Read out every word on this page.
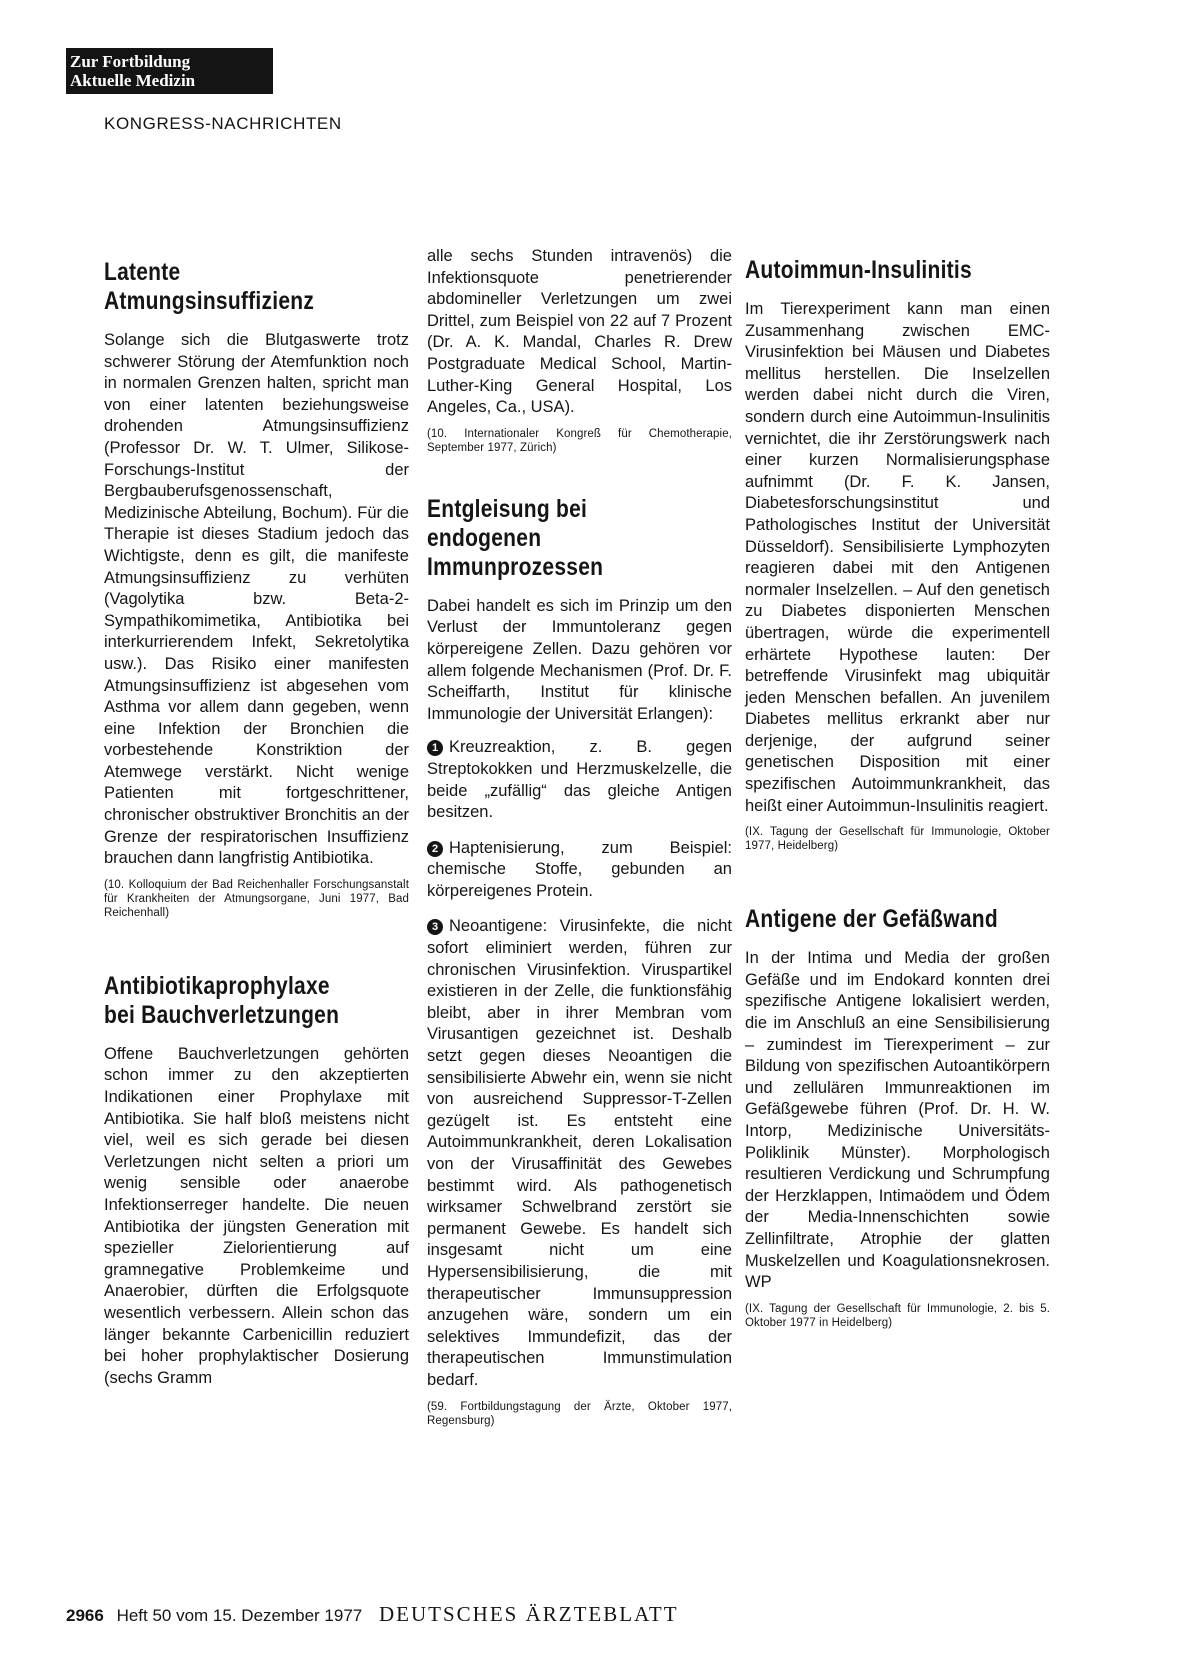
Zur Fortbildung
Aktuelle Medizin
KONGRESS-NACHRICHTEN
Latente
Atmungsinsuffizienz

Solange sich die Blutgaswerte trotz schwerer Störung der Atemfunktion noch in normalen Grenzen halten, spricht man von einer latenten beziehungsweise drohenden Atmungsinsuffizienz (Professor Dr. W. T. Ulmer, Silikose-Forschungs-Institut der Bergbauberufsgenossenschaft, Medizinische Abteilung, Bochum). Für die Therapie ist dieses Stadium jedoch das Wichtigste, denn es gilt, die manifeste Atmungsinsuffizienz zu verhüten (Vagolytika bzw. Beta-2-Sympathikomimetika, Antibiotika bei interkurrierendem Infekt, Sekretolytika usw.). Das Risiko einer manifesten Atmungsinsuffizienz ist abgesehen vom Asthma vor allem dann gegeben, wenn eine Infektion der Bronchien die vorbestehende Konstriktion der Atemwege verstärkt. Nicht wenige Patienten mit fortgeschrittener, chronischer obstruktiver Bronchitis an der Grenze der respiratorischen Insuffizienz brauchen dann langfristig Antibiotika.

(10. Kolloquium der Bad Reichenhaller Forschungsanstalt für Krankheiten der Atmungsorgane, Juni 1977, Bad Reichenhall)

Antibiotikaprophylaxe
bei Bauchverletzungen

Offene Bauchverletzungen gehörten schon immer zu den akzeptierten Indikationen einer Prophylaxe mit Antibiotika. Sie half bloß meistens nicht viel, weil es sich gerade bei diesen Verletzungen nicht selten a priori um wenig sensible oder anaerobe Infektionserreger handelte. Die neuen Antibiotika der jüngsten Generation mit spezieller Zielorientierung auf gramnegative Problemkeime und Anaerobier, dürften die Erfolgsquote wesentlich verbessern. Allein schon das länger bekannte Carbenicillin reduziert bei hoher prophylaktischer Dosierung (sechs Gramm

alle sechs Stunden intravenös) die Infektionsquote penetrierender abdomineller Verletzungen um zwei Drittel, zum Beispiel von 22 auf 7 Prozent (Dr. A. K. Mandal, Charles R. Drew Postgraduate Medical School, Martin-Luther-King General Hospital, Los Angeles, Ca., USA).

(10. Internationaler Kongreß für Chemotherapie, September 1977, Zürich)

Entgleisung bei
endogenen
Immunprozessen

Dabei handelt es sich im Prinzip um den Verlust der Immuntoleranz gegen körpereigene Zellen. Dazu gehören vor allem folgende Mechanismen (Prof. Dr. F. Scheiffarth, Institut für klinische Immunologie der Universität Erlangen):

1 Kreuzreaktion, z. B. gegen Streptokokken und Herzmuskelzelle, die beide „zufällig“ das gleiche Antigen besitzen.

2 Haptenisierung, zum Beispiel: chemische Stoffe, gebunden an körpereigenes Protein.

3 Neoantigene: Virusinfekte, die nicht sofort eliminiert werden, führen zur chronischen Virusinfektion. Viruspartikel existieren in der Zelle, die funktionsfähig bleibt, aber in ihrer Membran vom Virusantigen gezeichnet ist. Deshalb setzt gegen dieses Neoantigen die sensibilisierte Abwehr ein, wenn sie nicht von ausreichend Suppressor-T-Zellen gezügelt ist. Es entsteht eine Autoimmunkrankheit, deren Lokalisation von der Virusaffinität des Gewebes bestimmt wird. Als pathogenetisch wirksamer Schwelbrand zerstört sie permanent Gewebe. Es handelt sich insgesamt nicht um eine Hypersensibilisierung, die mit therapeutischer Immunsuppression anzugehen wäre, sondern um ein selektives Immundefizit, das der therapeutischen Immunstimulation bedarf.

(59. Fortbildungstagung der Ärzte, Oktober 1977, Regensburg)

Autoimmun-Insulinitis

Im Tierexperiment kann man einen Zusammenhang zwischen EMC-Virusinfektion bei Mäusen und Diabetes mellitus herstellen. Die Inselzellen werden dabei nicht durch die Viren, sondern durch eine Autoimmun-Insulinitis vernichtet, die ihr Zerstörungswerk nach einer kurzen Normalisierungsphase aufnimmt (Dr. F. K. Jansen, Diabetesforschungsinstitut und Pathologisches Institut der Universität Düsseldorf). Sensibilisierte Lymphozyten reagieren dabei mit den Antigenen normaler Inselzellen. – Auf den genetisch zu Diabetes disponierten Menschen übertragen, würde die experimentell erhärtete Hypothese lauten: Der betreffende Virusinfekt mag ubiquitär jeden Menschen befallen. An juvenilem Diabetes mellitus erkrankt aber nur derjenige, der aufgrund seiner genetischen Disposition mit einer spezifischen Autoimmunkrankheit, das heißt einer Autoimmun-Insulinitis reagiert.

(IX. Tagung der Gesellschaft für Immunologie, Oktober 1977, Heidelberg)

Antigene der Gefäßwand

In der Intima und Media der großen Gefäße und im Endokard konnten drei spezifische Antigene lokalisiert werden, die im Anschluß an eine Sensibilisierung – zumindest im Tierexperiment – zur Bildung von spezifischen Autoantikörpern und zellulären Immunreaktionen im Gefäßgewebe führen (Prof. Dr. H. W. Intorp, Medizinische Universitäts-Poliklinik Münster). Morphologisch resultieren Verdickung und Schrumpfung der Herzklappen, Intimaödem und Ödem der Media-Innenschichten sowie Zellinfiltrate, Atrophie der glatten Muskelzellen und Koagulationsnekrosen. WP

(IX. Tagung der Gesellschaft für Immunologie, 2. bis 5. Oktober 1977 in Heidelberg)

2966 Heft 50 vom 15. Dezember 1977 DEUTSCHES ÄRZTEBLATT
